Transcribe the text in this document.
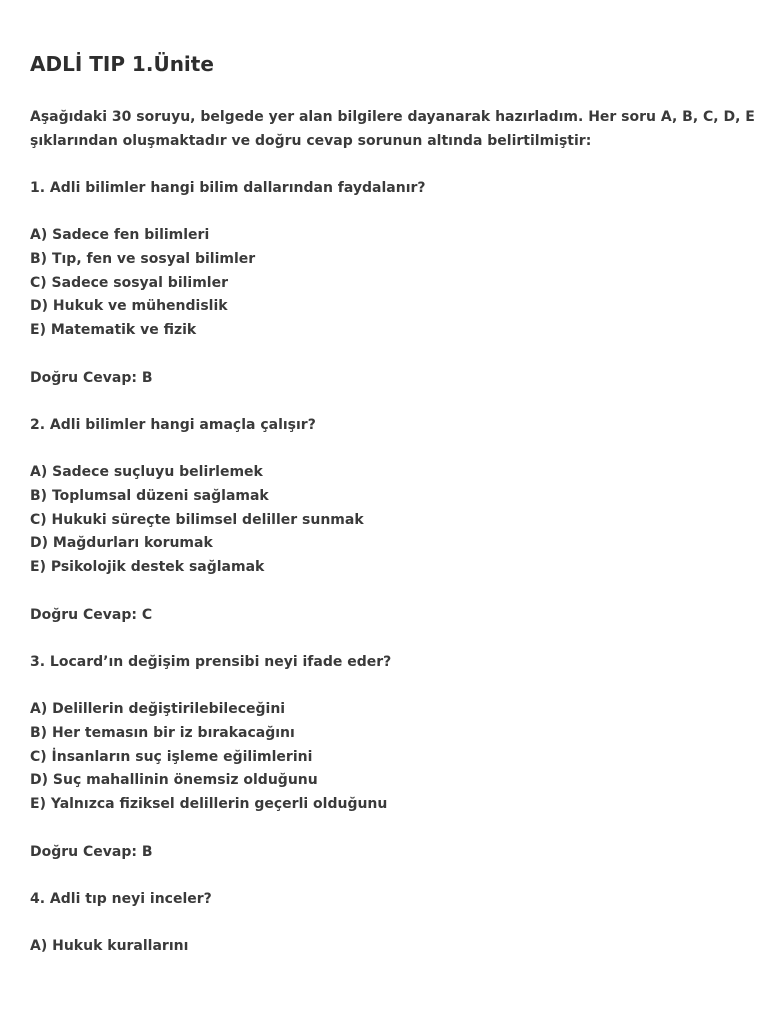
ADLİ TIP 1.Ünite

Aşağıdaki 30 soruyu, belgede yer alan bilgilere dayanarak hazırladım. Her soru A, B, C, D, E
şıklarından oluşmaktadır ve doğru cevap sorunun altında belirtilmiştir:

1. Adli bilimler hangi bilim dallarından faydalanır?

A) Sadece fen bilimleri

B) Tıp, fen ve sosyal bilimler

C) Sadece sosyal bilimler

D) Hukuk ve mühendislik

E) Matematik ve fizik

Doğru Cevap: B

2. Adli bilimler hangi amaçla çalışır?

A) Sadece suçluyu belirlemek

B) Toplumsal düzeni sağlamak

C) Hukuki süreçte bilimsel deliller sunmak

D) Mağdurları korumak

E) Psikolojik destek sağlamak

Doğru Cevap: C

3. Locard’ın değişim prensibi neyi ifade eder?

A) Delillerin değiştirilebileceğini

B) Her temasın bir iz bırakacağını

C) İnsanların suç işleme eğilimlerini

D) Suç mahallinin önemsiz olduğunu

E) Yalnızca fiziksel delillerin geçerli olduğunu

Doğru Cevap: B

4. Adli tıp neyi inceler?

A) Hukuk kurallarını
